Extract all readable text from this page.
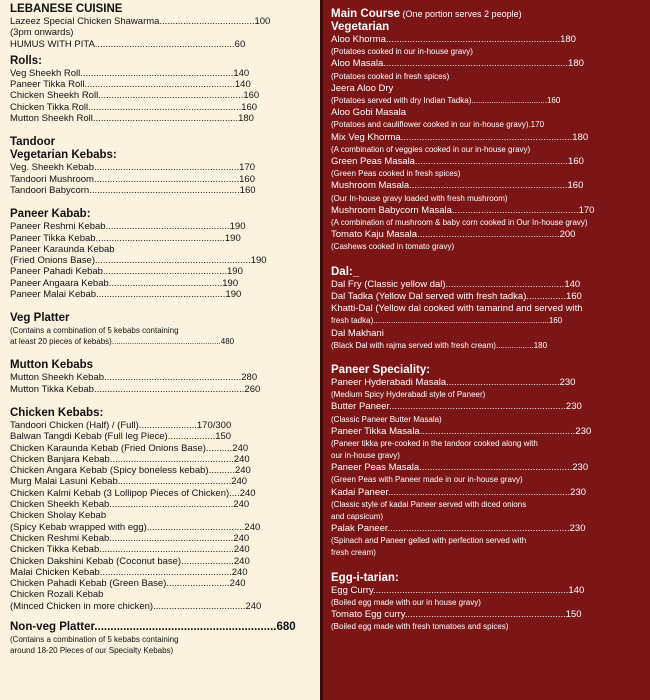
LEBANESE CUISINE
Lazeez Special Chicken Shawarma....................................100
(3pm onwards)
HUMUS WITH PITA.....................................................60
Rolls:
Veg Sheekh Roll..........................................................140
Paneer Tikka Roll.........................................................140
Chicken Sheekh Roll.......................................................160
Chicken Tikka Roll..........................................................160
Mutton Sheekh Roll.......................................................180
Tandoor
Vegetarian Kebabs:
Veg. Sheekh Kebab.......................................................170
Tandoori Mushroom.......................................................160
Tandoori Babycorn.........................................................160
Paneer Kabab:
Paneer Reshmi Kebab...............................................190
Paneer Tikka Kebab.................................................190
Paneer Karaunda Kebab
(Fried Onions Base)...........................................................190
Paneer Pahadi Kebab...............................................190
Paneer Angaara Kebab...........................................190
Paneer Malai Kebab.................................................190
Veg Platter
(Contains a combination of 5 kebabs containing
at least 20 pieces of kebabs).................................................480
Mutton Kebabs
Mutton Sheekh Kebab....................................................280
Mutton Tikka Kebab.........................................................260
Chicken Kebabs:
Tandoori Chicken (Half) / (Full)......................170/300
Balwan Tangdi Kebab (Full leg Piece)..................150
Chicken Karaunda Kebab (Fried Onions Base)..........240
Chicken Banjara Kebab...............................................240
Chicken Angara Kebab (Spicy boneless kebab)..........240
Murg Malai Lasuni Kebab...........................................240
Chicken Kalmi Kebab (3 Lollipop Pieces of Chicken)....240
Chicken Sheekh Kebab...............................................240
Chicken Sholay Kebab
(Spicy Kebab wrapped with egg).....................................240
Chicken Reshmi Kebab...............................................240
Chicken Tikka Kebab...................................................240
Chicken Dakshini Kebab (Coconut base)....................240
Malai Chicken Kebab..................................................240
Chicken Pahadi Kebab (Green Base)........................240
Chicken Rozali Kebab
(Minced Chicken in more chicken)...................................240
Non-veg Platter.........................................................680
(Contains a combination of 5 kebabs containing
around 18-20 Pieces of our Specialty Kebabs)
Main Course (One portion serves 2 people)
Vegetarian
Aloo Khorma..................................................................180
(Potatoes cooked in our in-house gravy)
Aloo Masala......................................................................180
(Potatoes cooked in fresh spices)
Jeera Aloo Dry
(Potatoes served with dry Indian Tadka)..................................160
Aloo Gobi Masala
(Potatoes and cauliflower cooked in our in-house gravy).170
Mix Veg Khorma.................................................................180
(A combination of veggies cooked in our in-house gravy)
Green Peas Masala..........................................................160
(Green Peas cooked in fresh spices)
Mushroom Masala............................................................160
(Our In-house gravy loaded with fresh mushroom)
Mushroom Babycorn Masala................................................170
(A combination of mushroom & baby corn cooked in Our In-house gravy)
Tomato Kaju Masala......................................................200
(Cashews cooked in tomato gravy)
Dal:_
Dal Fry (Classic yellow dal).............................................140
Dal Tadka (Yellow Dal served with fresh tadka)...............160
Khatti-Dal (Yellow dal cooked with tamarind and served with
fresh tadka)...............................................................................160
Dal Makhani
(Black Dal with rajma served with fresh cream).................180
Paneer Speciality:
Paneer Hyderabadi Masala...........................................230
(Medium Spicy Hyderabadi style of Paneer)
Butter Paneer...................................................................230
(Classic Paneer Butter Masala)
Paneer Tikka Masala...........................................................230
(Paneer tikka pre-cooked in the tandoor cooked along with
our in-house gravy)
Paneer Peas Masala..........................................................230
(Green Peas with Paneer made in our in-house gravy)
Kadai Paneer.....................................................................230
(Classic style of kadai Paneer served with diced onions
and capsicum)
Palak Paneer.....................................................................230
(Spinach and Paneer gelled with perfection served with
fresh cream)
Egg-i-tarian:
Egg Curry..........................................................................140
(Boiled egg made with our in house gravy)
Tomato Egg curry.............................................................150
(Boiled egg made with fresh tomatoes and spices)
